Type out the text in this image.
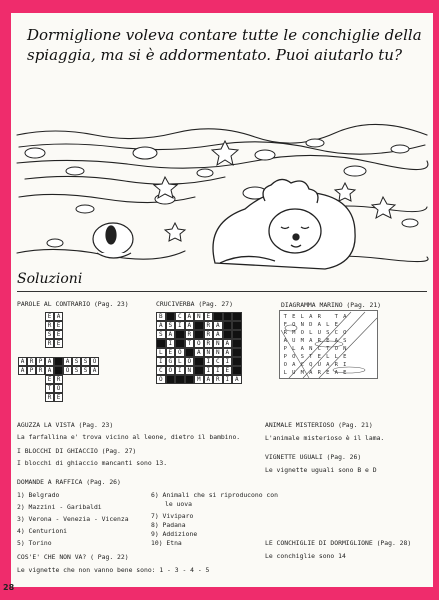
Dormiglione voleva contare tutte le conchiglie della spiaggia, ma si è addormentato. Puoi aiutarlo tu?

Soluzioni
PAROLE AL CONTRARIO (Pag. 23)
E A
R E
S E
R E
A R P A	A S S O
A P R A	O S S A
E R
T O
R E
CRUCIVERBA (Pag. 27)
B	C A N E
A S I A	R A
S A	R	R A
I	T O R N A
L E O	A N N A
I G L O	I C I
C O I N	I I E
O	M A R I A
DIAGRAMMA MARINO (Pag. 21)
T E L A R	T A
F O N D A L E
R M O L U S C O
A U M A R E A S
P L A N C T O N
P O S T E L L E
O A C Q U A R I
L U M A R E A E
AGUZZA LA VISTA (Pag. 23)
La farfallina e' trova vicino al leone, dietro il bambino.
I BLOCCHI DI GHIACCIO (Pag. 27)
I blocchi di ghiaccio mancanti sono 13.
DOMANDE A RAFFICA (Pag. 26)
1) Belgrado
2) Mazzini - Garibaldi
3) Verona - Venezia - Vicenza
4) Centurioni
5) Torino
6) Animali che si riproducono con
le uova
7) Viviparo
8) Padana
9) Addizione
10) Etna
COS'E' CHE NON VA? ( Pag. 22)
Le vignette che non vanno bene sono: 1 - 3 - 4 - 5
ANIMALE MISTERIOSO (Pag. 21)
L'animale misterioso è il lama.
VIGNETTE UGUALI (Pag. 26)
Le vignette uguali sono B e D
LE CONCHIGLIE DI DORMIGLIONE (Pag. 28)
Le conchiglie sono 14
28
